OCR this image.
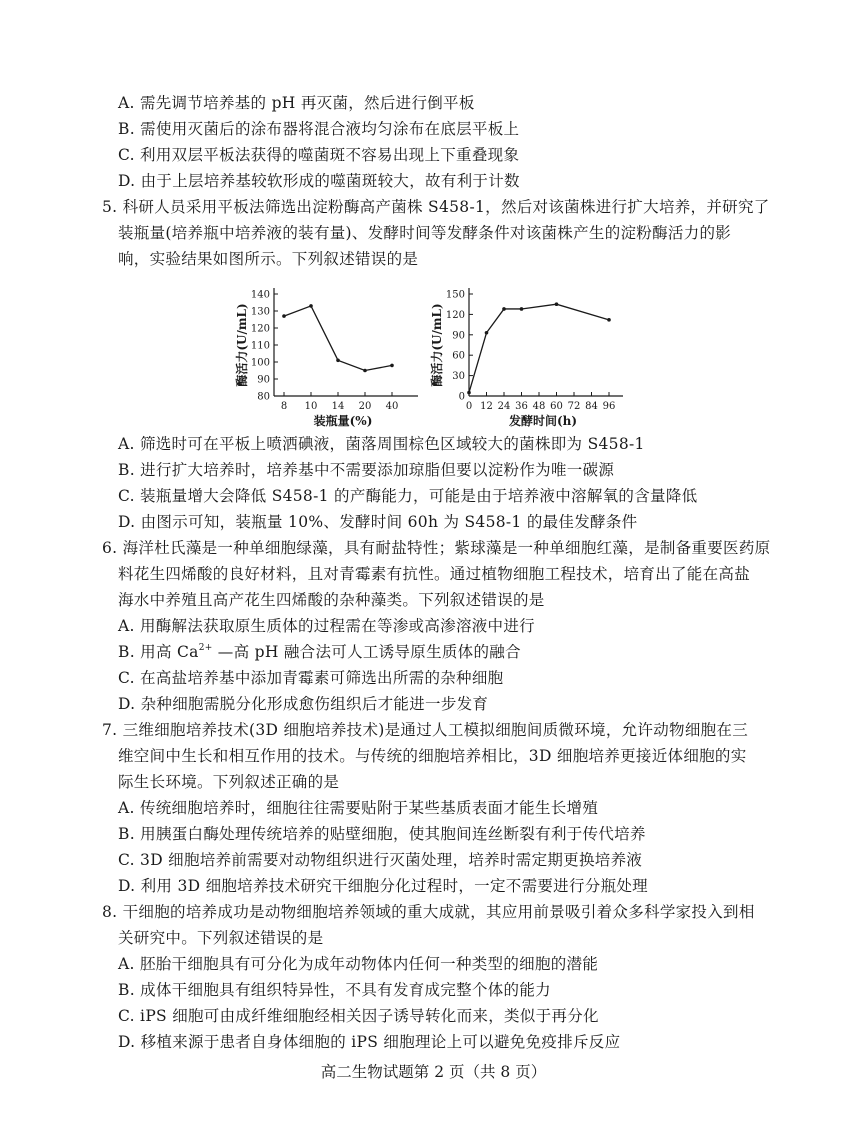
A. 需先调节培养基的 pH 再灭菌，然后进行倒平板
B. 需使用灭菌后的涂布器将混合液均匀涂布在底层平板上
C. 利用双层平板法获得的噬菌斑不容易出现上下重叠现象
D. 由于上层培养基较软形成的噬菌斑较大，故有利于计数
5. 科研人员采用平板法筛选出淀粉酶高产菌株 S458-1，然后对该菌株进行扩大培养，并研究了
装瓶量(培养瓶中培养液的装有量)、发酵时间等发酵条件对该菌株产生的淀粉酶活力的影
响，实验结果如图所示。下列叙述错误的是
80
90
100
110
120
130
140
8 10 14 20 40
装瓶量(%)
酶活力(U/mL)
0
30
60
90
120
150
0 12 24 36 48 60 72 84 96
发酵时间(h)
酶活力(U/mL)
A. 筛选时可在平板上喷洒碘液，菌落周围棕色区域较大的菌株即为 S458-1
B. 进行扩大培养时，培养基中不需要添加琼脂但要以淀粉作为唯一碳源
C. 装瓶量增大会降低 S458-1 的产酶能力，可能是由于培养液中溶解氧的含量降低
D. 由图示可知，装瓶量 10%、发酵时间 60h 为 S458-1 的最佳发酵条件
6. 海洋杜氏藻是一种单细胞绿藻，具有耐盐特性；紫球藻是一种单细胞红藻，是制备重要医药原
料花生四烯酸的良好材料，且对青霉素有抗性。通过植物细胞工程技术，培育出了能在高盐
海水中养殖且高产花生四烯酸的杂种藻类。下列叙述错误的是
A. 用酶解法获取原生质体的过程需在等渗或高渗溶液中进行
B. 用高 $Ca^{2+}$ —高 pH 融合法可人工诱导原生质体的融合
C. 在高盐培养基中添加青霉素可筛选出所需的杂种细胞
D. 杂种细胞需脱分化形成愈伤组织后才能进一步发育
7. 三维细胞培养技术(3D 细胞培养技术)是通过人工模拟细胞间质微环境，允许动物细胞在三
维空间中生长和相互作用的技术。与传统的细胞培养相比，3D 细胞培养更接近体细胞的实
际生长环境。下列叙述正确的是
A. 传统细胞培养时，细胞往往需要贴附于某些基质表面才能生长增殖
B. 用胰蛋白酶处理传统培养的贴壁细胞，使其胞间连丝断裂有利于传代培养
C. 3D 细胞培养前需要对动物组织进行灭菌处理，培养时需定期更换培养液
D. 利用 3D 细胞培养技术研究干细胞分化过程时，一定不需要进行分瓶处理
8. 干细胞的培养成功是动物细胞培养领域的重大成就，其应用前景吸引着众多科学家投入到相
关研究中。下列叙述错误的是
A. 胚胎干细胞具有可分化为成年动物体内任何一种类型的细胞的潜能
B. 成体干细胞具有组织特异性，不具有发育成完整个体的能力
C. iPS 细胞可由成纤维细胞经相关因子诱导转化而来，类似于再分化
D. 移植来源于患者自身体细胞的 iPS 细胞理论上可以避免免疫排斥反应
高二生物试题第 2 页（共 8 页）
